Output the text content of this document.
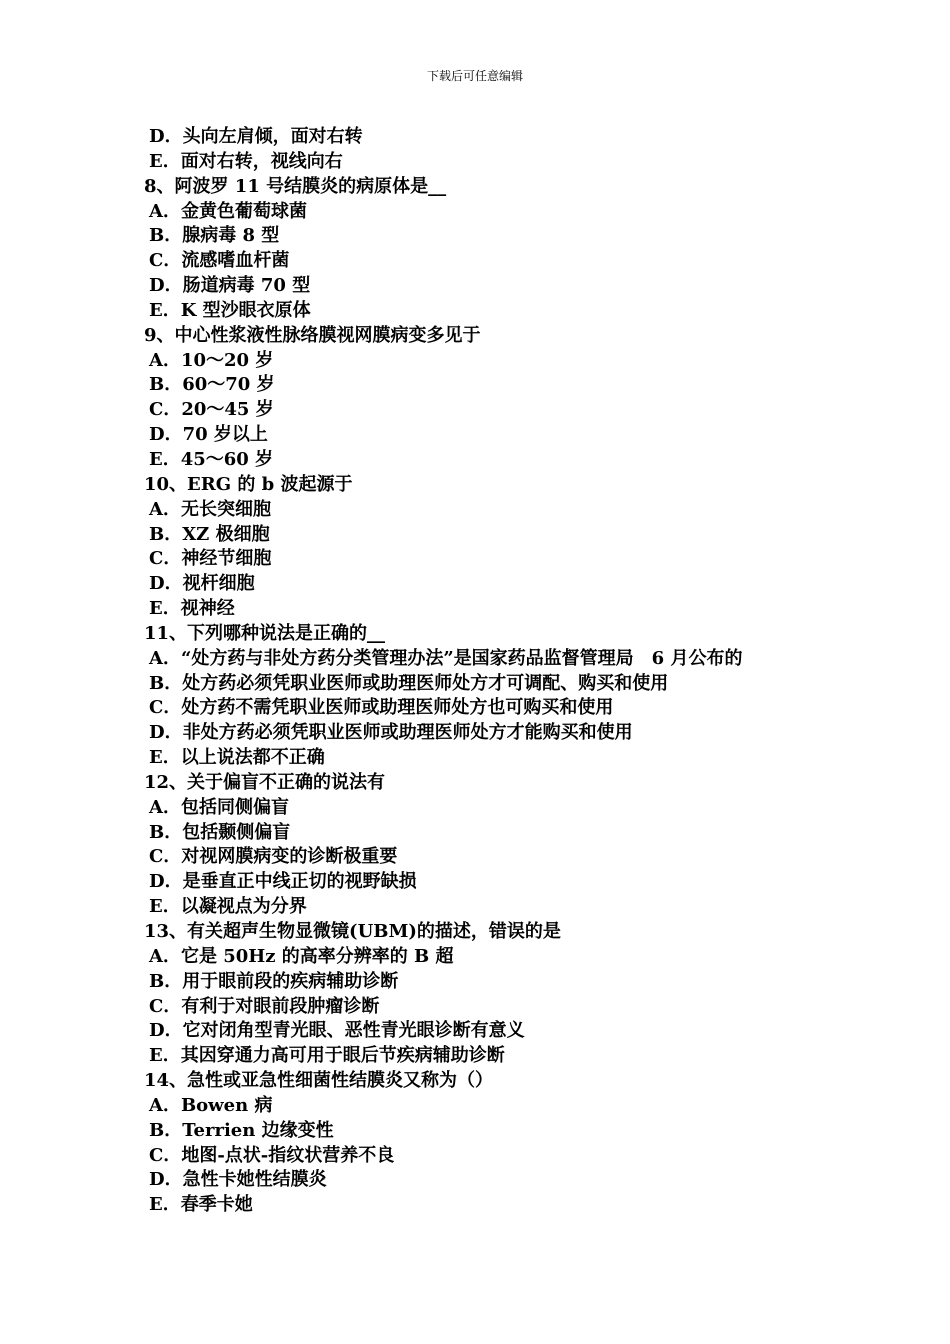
下载后可任意编辑
D．头向左肩倾，面对右转
E．面对右转，视线向右
8、阿波罗 11 号结膜炎的病原体是__
A．金黄色葡萄球菌
B．腺病毒 8 型
C．流感嗜血杆菌
D．肠道病毒 70 型
E．K 型沙眼衣原体
9、中心性浆液性脉络膜视网膜病变多见于
A．10～20 岁
B．60～70 岁
C．20～45 岁
D．70 岁以上
E．45～60 岁
10、ERG 的 b 波起源于
A．无长突细胞
B．XZ 极细胞
C．神经节细胞
D．视杆细胞
E．视神经
11、下列哪种说法是正确的__
A．“处方药与非处方药分类管理办法”是国家药品监督管理局　6 月公布的
B．处方药必须凭职业医师或助理医师处方才可调配、购买和使用
C．处方药不需凭职业医师或助理医师处方也可购买和使用
D．非处方药必须凭职业医师或助理医师处方才能购买和使用
E．以上说法都不正确
12、关于偏盲不正确的说法有
A．包括同侧偏盲
B．包括颞侧偏盲
C．对视网膜病变的诊断极重要
D．是垂直正中线正切的视野缺损
E．以凝视点为分界
13、有关超声生物显微镜(UBM)的描述，错误的是
A．它是 50Hz 的高率分辨率的 B 超
B．用于眼前段的疾病辅助诊断
C．有利于对眼前段肿瘤诊断
D．它对闭角型青光眼、恶性青光眼诊断有意义
E．其因穿通力高可用于眼后节疾病辅助诊断
14、急性或亚急性细菌性结膜炎又称为（）
A．Bowen 病
B．Terrien 边缘变性
C．地图-点状-指纹状营养不良
D．急性卡她性结膜炎
E．春季卡她
